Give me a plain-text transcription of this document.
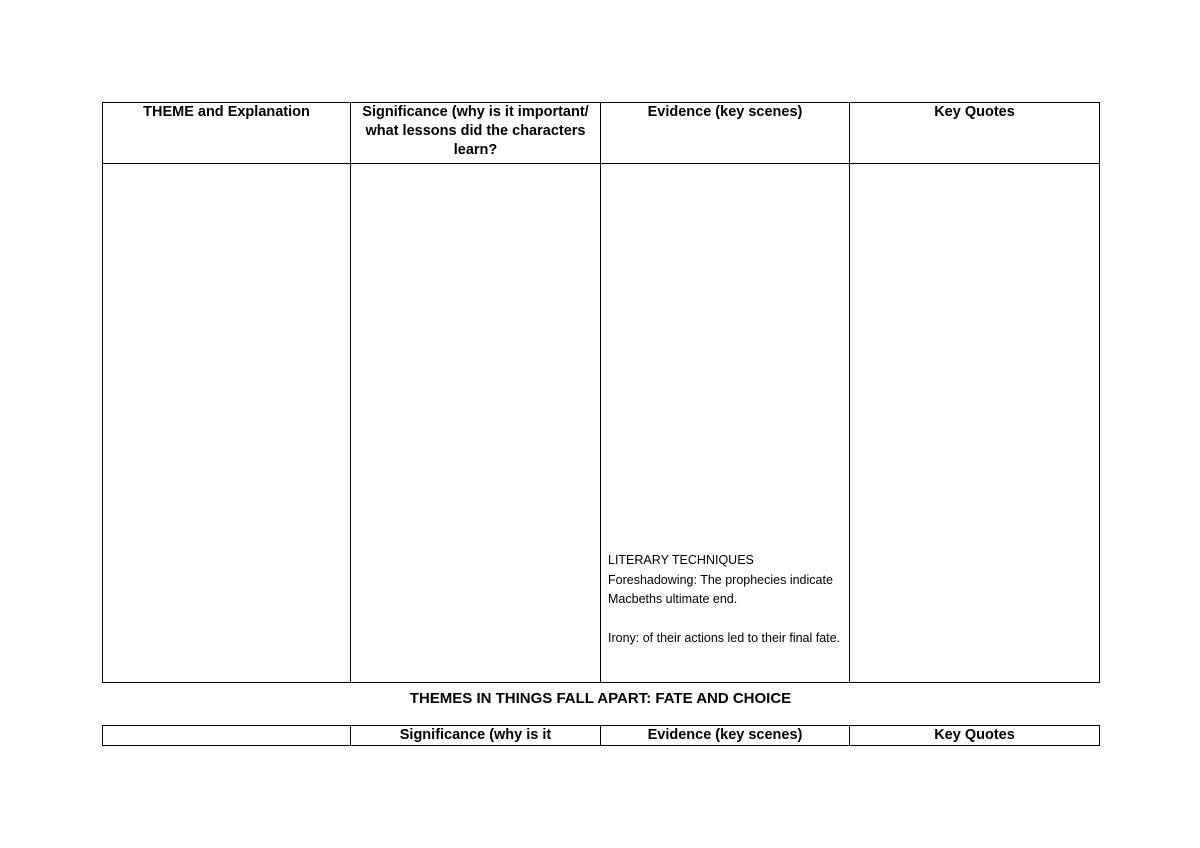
THEME and Explanation	Significance (why is it important/ what lessons did the characters learn?	Evidence (key scenes)	Key Quotes

		LITERARY TECHNIQUES

Foreshadowing: The prophecies indicate Macbeths ultimate end.

Irony: of their actions led to their final fate.	

THEMES IN THINGS FALL APART: FATE AND CHOICE
	Significance (why is it	Evidence (key scenes)	Key Quotes
